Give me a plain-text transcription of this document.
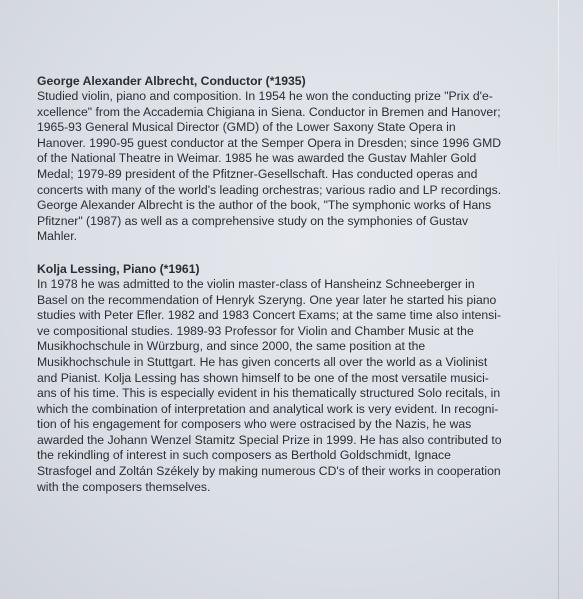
George Alexander Albrecht, Conductor (*1935)

Studied violin, piano and composition. In 1954 he won the conducting prize "Prix d'e-
xcellence" from the Accademia Chigiana in Siena. Conductor in Bremen and Hanover;
1965-93 General Musical Director (GMD) of the Lower Saxony State Opera in
Hanover. 1990-95 guest conductor at the Semper Opera in Dresden; since 1996 GMD
of the National Theatre in Weimar. 1985 he was awarded the Gustav Mahler Gold
Medal; 1979-89 president of the Pfitzner-Gesellschaft. Has conducted operas and
concerts with many of the world's leading orchestras; various radio and LP recordings.
George Alexander Albrecht is the author of the book, "The symphonic works of Hans
Pfitzner" (1987) as well as a comprehensive study on the symphonies of Gustav
Mahler.

Kolja Lessing, Piano (*1961)

In 1978 he was admitted to the violin master-class of Hansheinz Schneeberger in
Basel on the recommendation of Henryk Szeryng. One year later he started his piano
studies with Peter Efler. 1982 and 1983 Concert Exams; at the same time also intensi-
ve compositional studies. 1989-93 Professor for Violin and Chamber Music at the
Musikhochschule in Würzburg, and since 2000, the same position at the
Musikhochschule in Stuttgart. He has given concerts all over the world as a Violinist
and Pianist. Kolja Lessing has shown himself to be one of the most versatile musici-
ans of his time. This is especially evident in his thematically structured Solo recitals, in
which the combination of interpretation and analytical work is very evident. In recogni-
tion of his engagement for composers who were ostracised by the Nazis, he was
awarded the Johann Wenzel Stamitz Special Prize in 1999. He has also contributed to
the rekindling of interest in such composers as Berthold Goldschmidt, Ignace
Strasfogel and Zoltán Székely by making numerous CD's of their works in cooperation
with the composers themselves.
